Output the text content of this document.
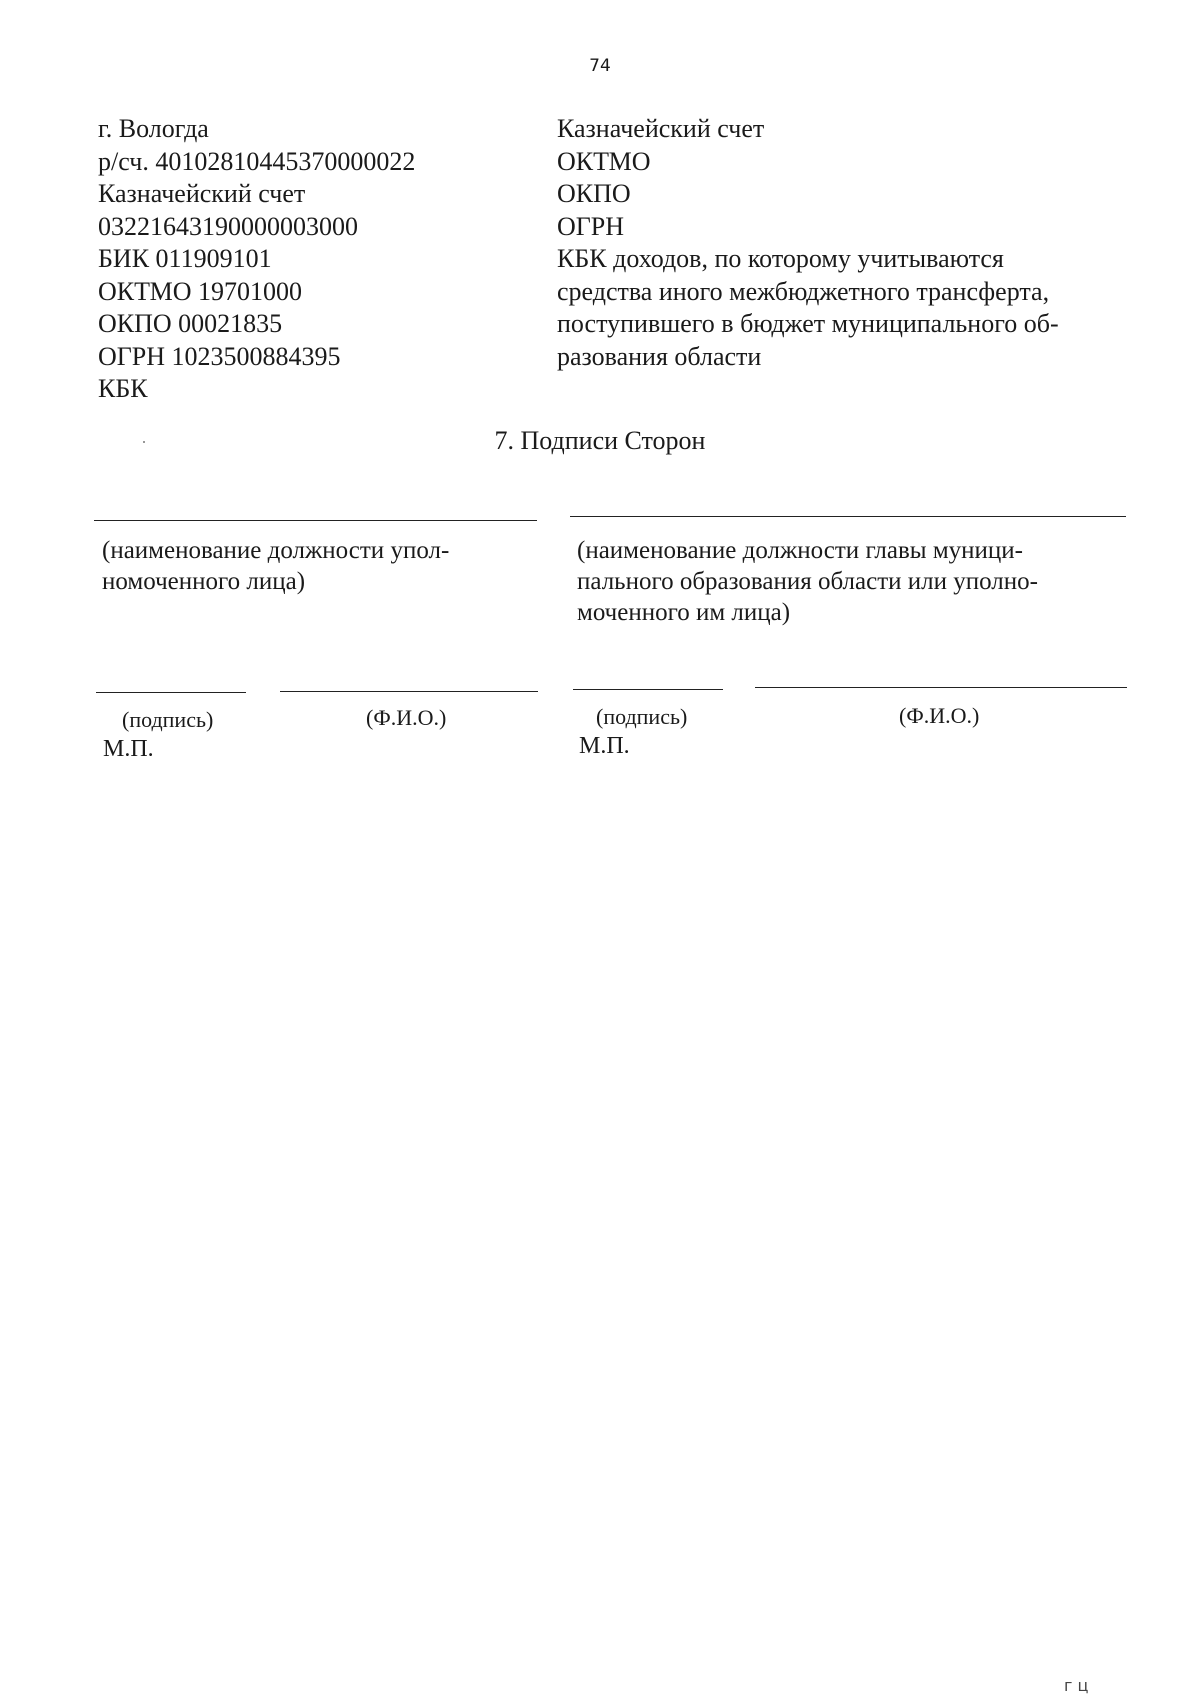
74
г. Вологда
р/сч. 40102810445370000022
Казначейский счет
03221643190000003000
БИК 011909101
ОКТМО 19701000
ОКПО 00021835
ОГРН 1023500884395
КБК
Казначейский счет
ОКТМО
ОКПО
ОГРН
КБК доходов, по которому учитываются
средства иного межбюджетного трансферта,
поступившего в бюджет муниципального об-
разования области
7. Подписи Сторон
(наименование должности упол-
номоченного лица)
(наименование должности главы муници-
пального образования области или уполно-
моченного им лица)
(подпись)	(Ф.И.О.)	(подпись)	(Ф.И.О.)
М.П.	М.П.
г ц
